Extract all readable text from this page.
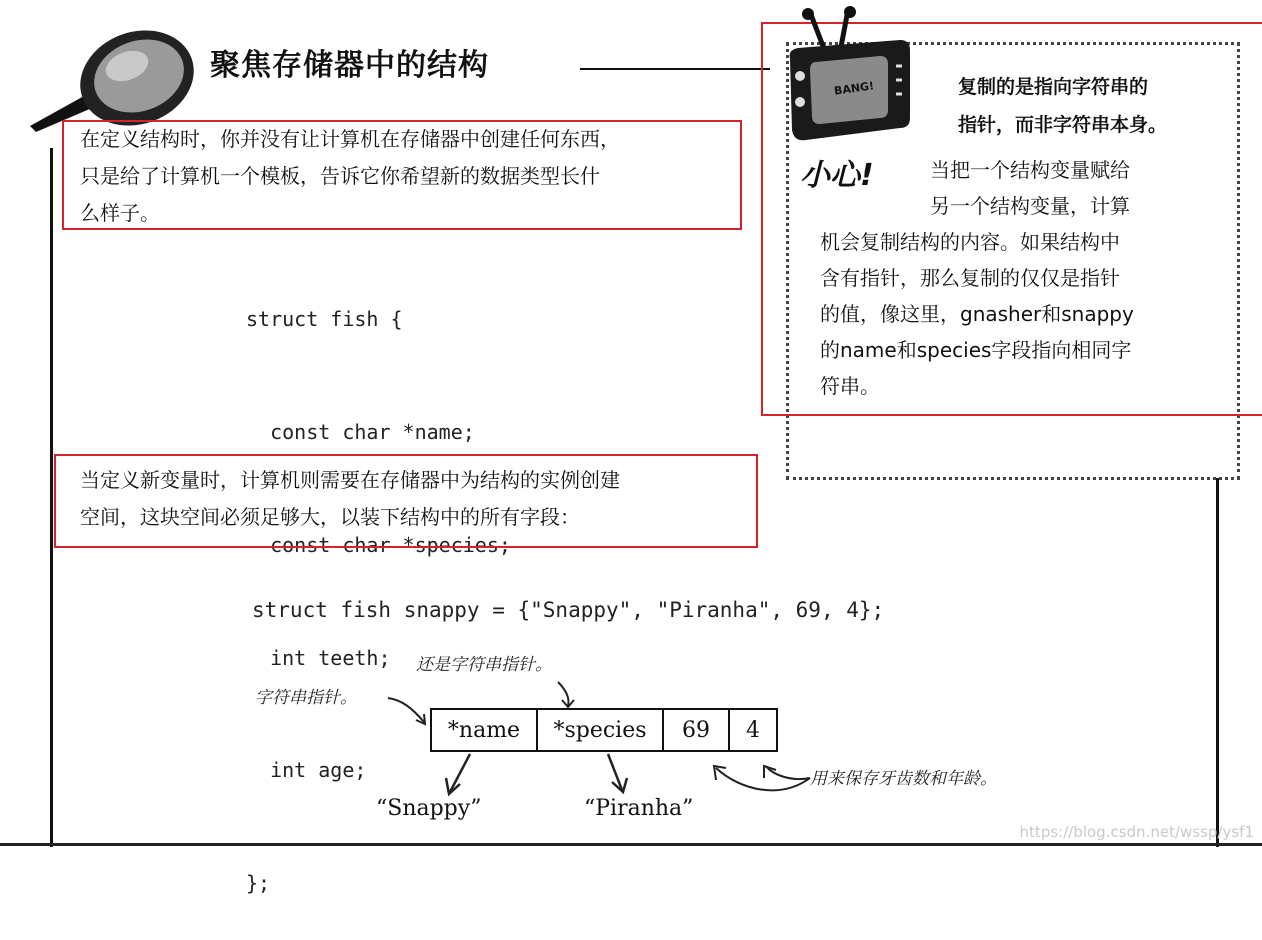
聚焦存储器中的结构
在定义结构时，你并没有让计算机在存储器中创建任何东西，
只是给了计算机一个模板，告诉它你希望新的数据类型长什
么样子。

struct fish {

const char *name;

const char *species;

int teeth;

int age;

};

当定义新变量时，计算机则需要在存储器中为结构的实例创建
空间，这块空间必须足够大，以装下结构中的所有字段：
struct fish snappy = {"Snappy", "Piranha", 69, 4};
字符串指针。
还是字符串指针。
用来保存牙齿数和年龄。
*name	*species	69	4
“Snappy”	“Piranha”
BANG!
小心!
复制的是指向字符串的
指针，而非字符串本身。
当把一个结构变量赋给
另一个结构变量，计算
机会复制结构的内容。如果结构中
含有指针，那么复制的仅仅是指针
的值，像这里，gnasher和snappy
的name和species字段指向相同字
符串。
https://blog.csdn.net/wssp/ysf1
